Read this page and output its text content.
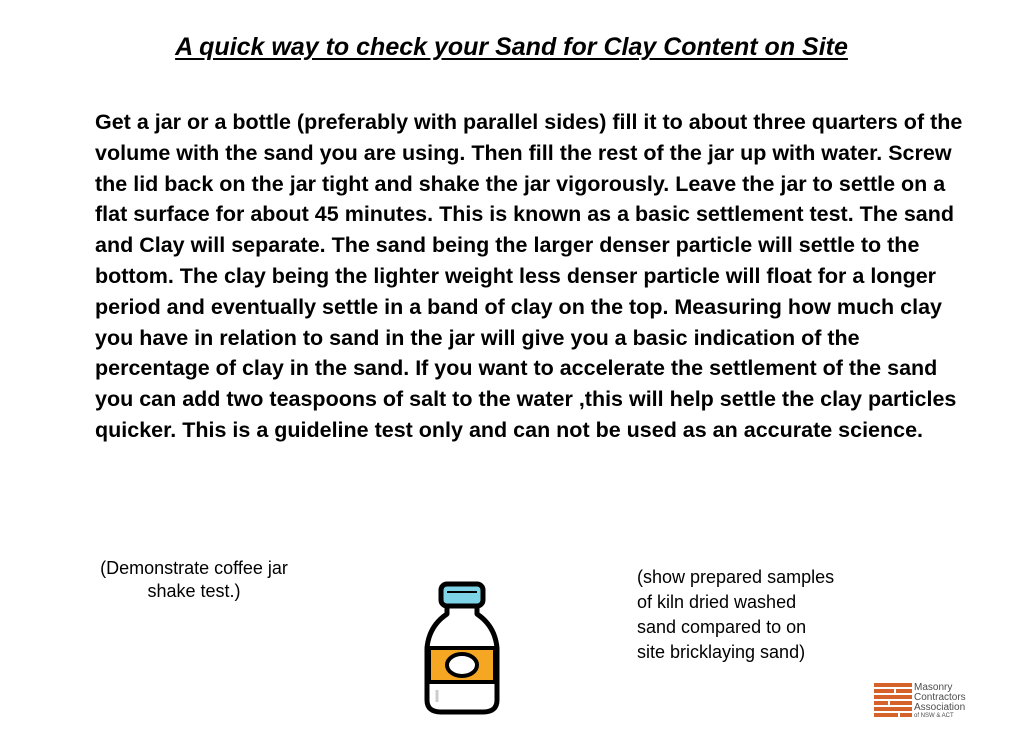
A quick way to check your Sand for Clay Content on Site

Get a jar or a bottle (preferably with parallel sides) fill it to about three quarters of the volume with the sand you are using. Then fill the rest of the jar up with water. Screw the lid back on the jar tight and shake the jar vigorously. Leave the jar to settle on a flat surface for about 45 minutes. This is known as a basic settlement test. The sand and Clay will separate. The sand being the larger denser particle will settle to the bottom. The clay being the lighter weight less denser particle will float for a longer period and eventually settle in a band of clay on the top. Measuring how much clay you have in relation to sand in the jar will give you a basic indication of the percentage of clay in the sand. If you want to accelerate the settlement of the sand you can add two teaspoons of salt to the water ,this will help settle the clay particles quicker. This is a guideline test only and can not be used as an accurate science.

(Demonstrate coffee jar shake test.)
(show prepared samples of kiln dried washed sand compared to on site bricklaying sand)
Masonry
Contractors
Association
of NSW & ACT
